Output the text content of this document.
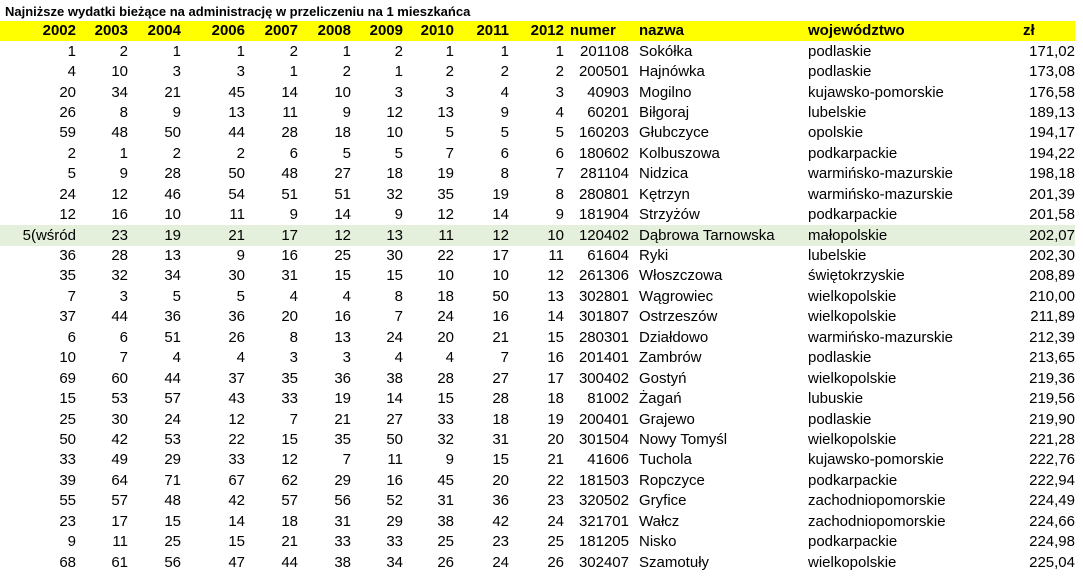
Najniższe wydatki bieżące na administrację w przeliczeniu na 1 mieszkańca
2002	2003	2004	2006	2007	2008	2009	2010	2011	2012	numer	nazwa	województwo	zł
1	2	1	1	2	1	2	1	1	1	201108	Sokółka	podlaskie	171,02
4	10	3	3	1	2	1	2	2	2	200501	Hajnówka	podlaskie	173,08
20	34	21	45	14	10	3	3	4	3	40903	Mogilno	kujawsko-pomorskie	176,58
26	8	9	13	11	9	12	13	9	4	60201	Biłgoraj	lubelskie	189,13
59	48	50	44	28	18	10	5	5	5	160203	Głubczyce	opolskie	194,17
2	1	2	2	6	5	5	7	6	6	180602	Kolbuszowa	podkarpackie	194,22
5	9	28	50	48	27	18	19	8	7	281104	Nidzica	warmińsko-mazurskie	198,18
24	12	46	54	51	51	32	35	19	8	280801	Kętrzyn	warmińsko-mazurskie	201,39
12	16	10	11	9	14	9	12	14	9	181904	Strzyżów	podkarpackie	201,58
5(wśród	23	19	21	17	12	13	11	12	10	120402	Dąbrowa Tarnowska	małopolskie	202,07
36	28	13	9	16	25	30	22	17	11	61604	Ryki	lubelskie	202,30
35	32	34	30	31	15	15	10	10	12	261306	Włoszczowa	świętokrzyskie	208,89
7	3	5	5	4	4	8	18	50	13	302801	Wągrowiec	wielkopolskie	210,00
37	44	36	36	20	16	7	24	16	14	301807	Ostrzeszów	wielkopolskie	211,89
6	6	51	26	8	13	24	20	21	15	280301	Działdowo	warmińsko-mazurskie	212,39
10	7	4	4	3	3	4	4	7	16	201401	Zambrów	podlaskie	213,65
69	60	44	37	35	36	38	28	27	17	300402	Gostyń	wielkopolskie	219,36
15	53	57	43	33	19	14	15	28	18	81002	Żagań	lubuskie	219,56
25	30	24	12	7	21	27	33	18	19	200401	Grajewo	podlaskie	219,90
50	42	53	22	15	35	50	32	31	20	301504	Nowy Tomyśl	wielkopolskie	221,28
33	49	29	33	12	7	11	9	15	21	41606	Tuchola	kujawsko-pomorskie	222,76
39	64	71	67	62	29	16	45	20	22	181503	Ropczyce	podkarpackie	222,94
55	57	48	42	57	56	52	31	36	23	320502	Gryfice	zachodniopomorskie	224,49
23	17	15	14	18	31	29	38	42	24	321701	Wałcz	zachodniopomorskie	224,66
9	11	25	15	21	33	33	25	23	25	181205	Nisko	podkarpackie	224,98
68	61	56	47	44	38	34	26	24	26	302407	Szamotuły	wielkopolskie	225,04
